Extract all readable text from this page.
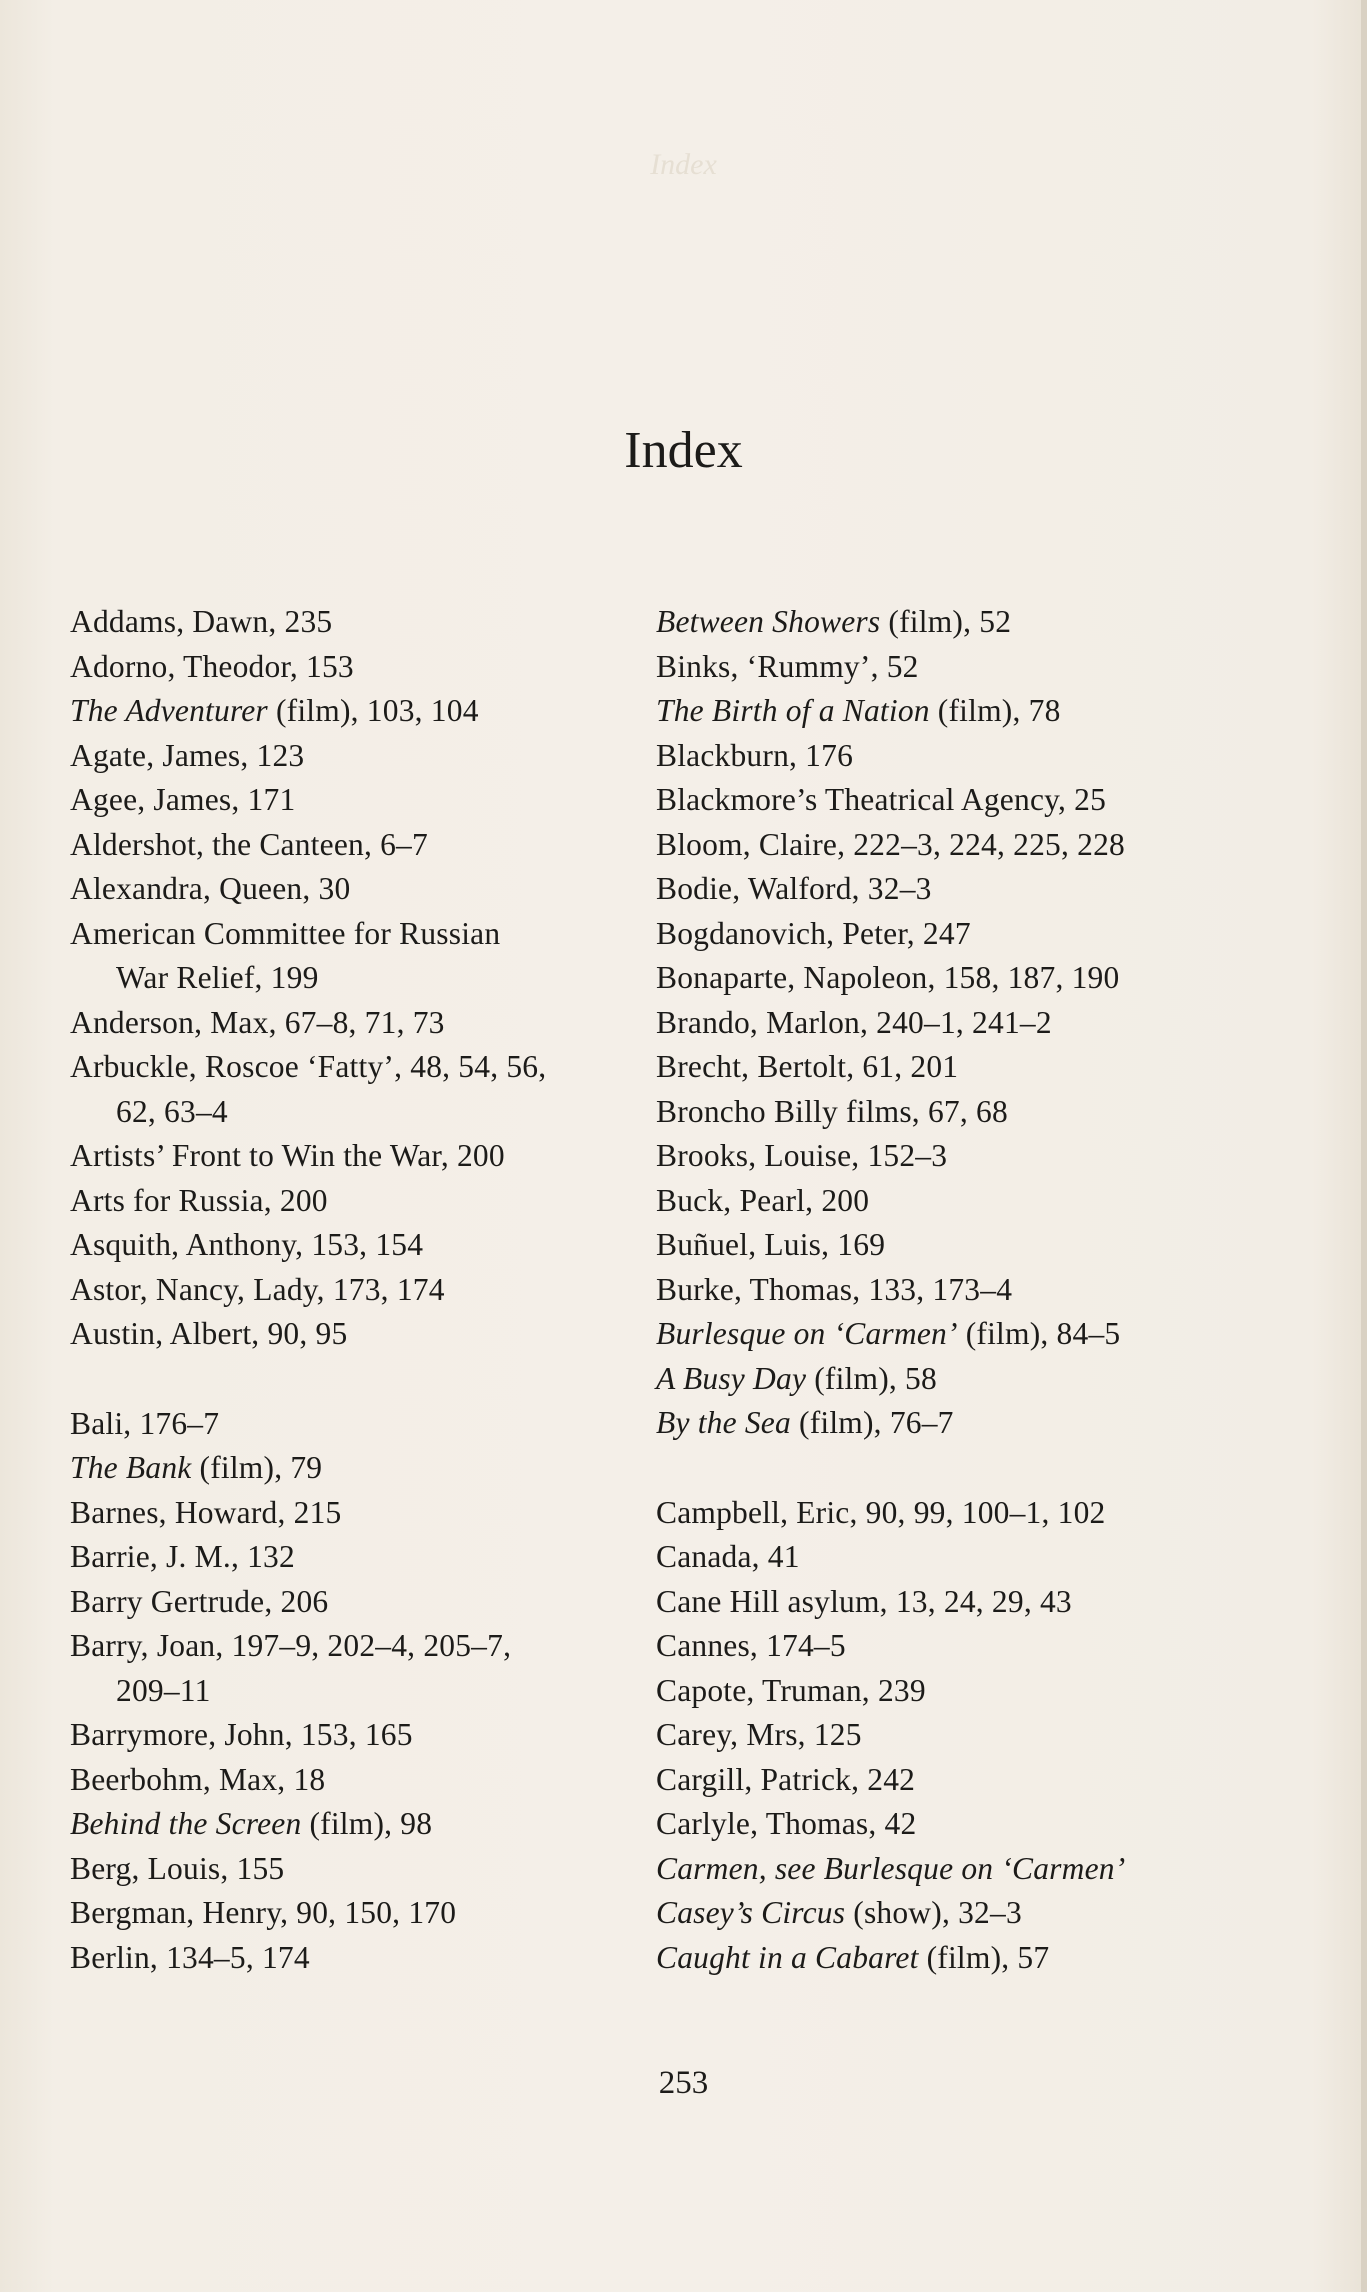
Index
Index
Addams, Dawn, 235
Adorno, Theodor, 153
The Adventurer (film), 103, 104
Agate, James, 123
Agee, James, 171
Aldershot, the Canteen, 6–7
Alexandra, Queen, 30
American Committee for Russian
War Relief, 199
Anderson, Max, 67–8, 71, 73
Arbuckle, Roscoe ‘Fatty’, 48, 54, 56,
62, 63–4
Artists’ Front to Win the War, 200
Arts for Russia, 200
Asquith, Anthony, 153, 154
Astor, Nancy, Lady, 173, 174
Austin, Albert, 90, 95
Bali, 176–7
The Bank (film), 79
Barnes, Howard, 215
Barrie, J. M., 132
Barry Gertrude, 206
Barry, Joan, 197–9, 202–4, 205–7,
209–11
Barrymore, John, 153, 165
Beerbohm, Max, 18
Behind the Screen (film), 98
Berg, Louis, 155
Bergman, Henry, 90, 150, 170
Berlin, 134–5, 174
Between Showers (film), 52
Binks, ‘Rummy’, 52
The Birth of a Nation (film), 78
Blackburn, 176
Blackmore’s Theatrical Agency, 25
Bloom, Claire, 222–3, 224, 225, 228
Bodie, Walford, 32–3
Bogdanovich, Peter, 247
Bonaparte, Napoleon, 158, 187, 190
Brando, Marlon, 240–1, 241–2
Brecht, Bertolt, 61, 201
Broncho Billy films, 67, 68
Brooks, Louise, 152–3
Buck, Pearl, 200
Buñuel, Luis, 169
Burke, Thomas, 133, 173–4
Burlesque on ‘Carmen’ (film), 84–5
A Busy Day (film), 58
By the Sea (film), 76–7
Campbell, Eric, 90, 99, 100–1, 102
Canada, 41
Cane Hill asylum, 13, 24, 29, 43
Cannes, 174–5
Capote, Truman, 239
Carey, Mrs, 125
Cargill, Patrick, 242
Carlyle, Thomas, 42
Carmen, see Burlesque on ‘Carmen’
Casey’s Circus (show), 32–3
Caught in a Cabaret (film), 57
253
